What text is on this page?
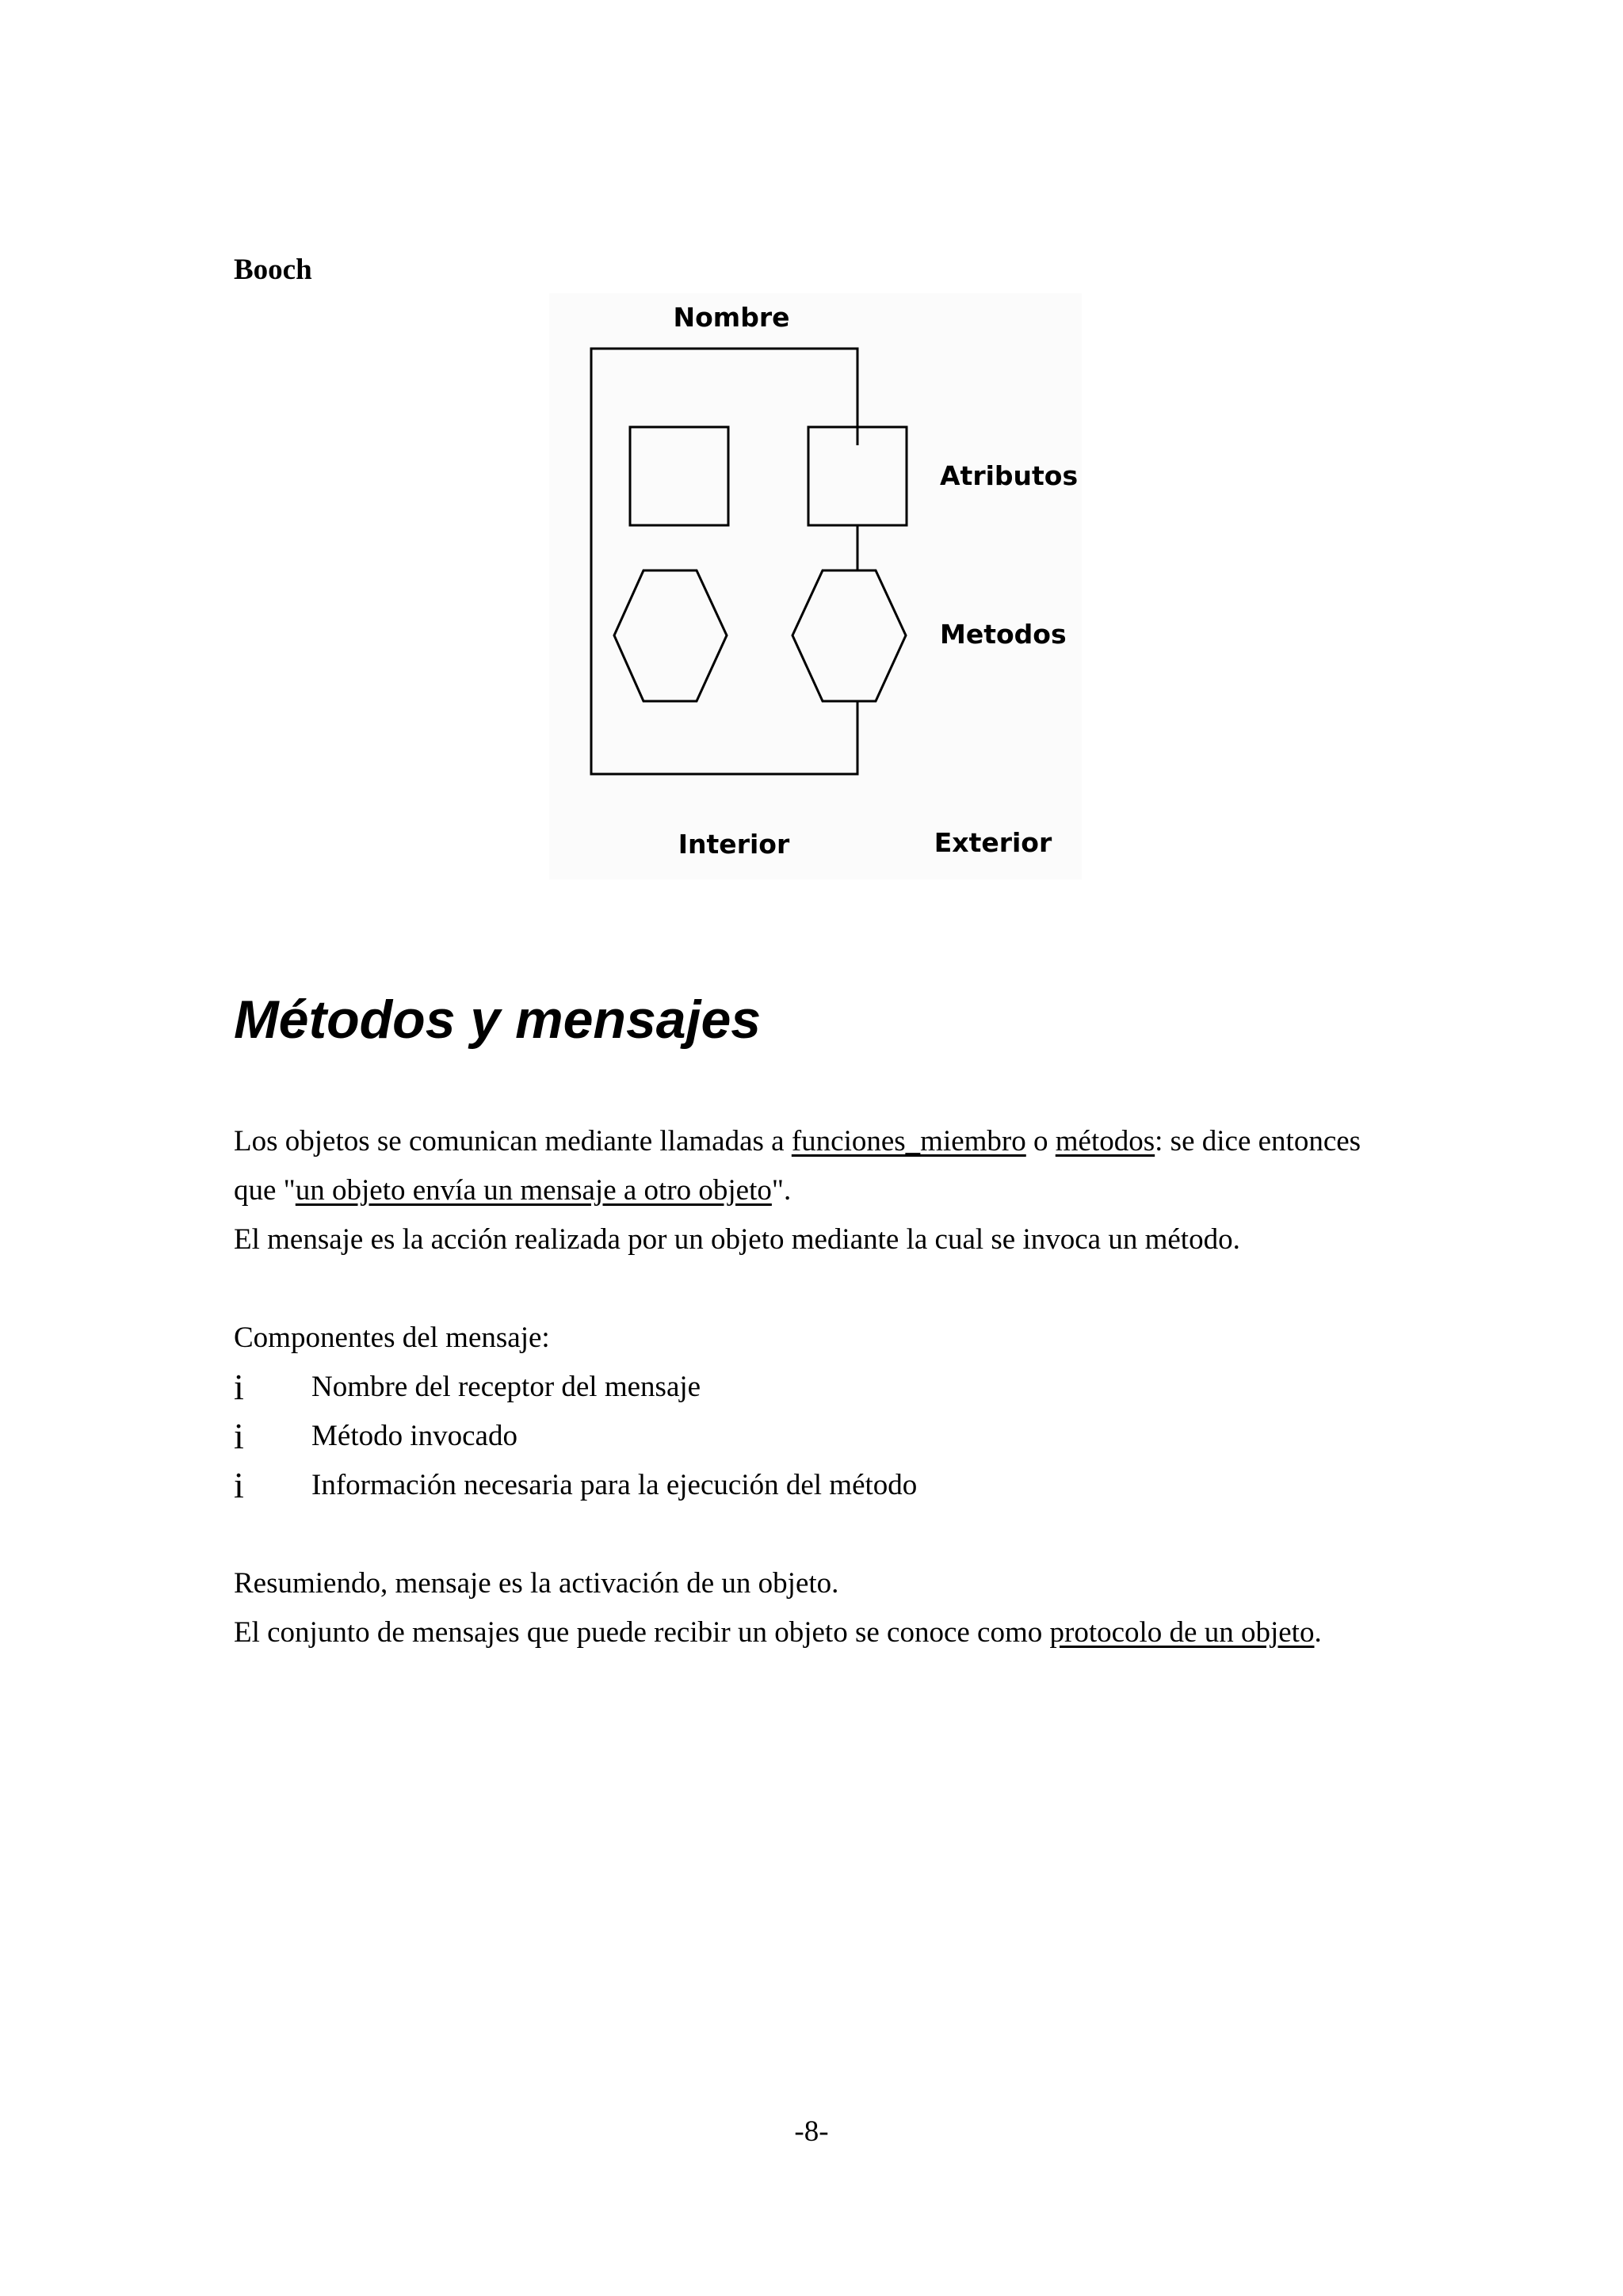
Booch
Nombre
Atributos
Metodos
Interior	Exterior
Métodos y mensajes

Los objetos se comunican mediante llamadas a funciones_miembro o métodos: se dice entonces

que "un objeto envía un mensaje a otro objeto".

El mensaje es la acción realizada por un objeto mediante la cual se invoca un método.

Componentes del mensaje:

i	Nombre del receptor del mensaje
i	Método invocado
i	Información necesaria para la ejecución del método

Resumiendo, mensaje es la activación de un objeto.

El conjunto de mensajes que puede recibir un objeto se conoce como protocolo de un objeto.

-8-
